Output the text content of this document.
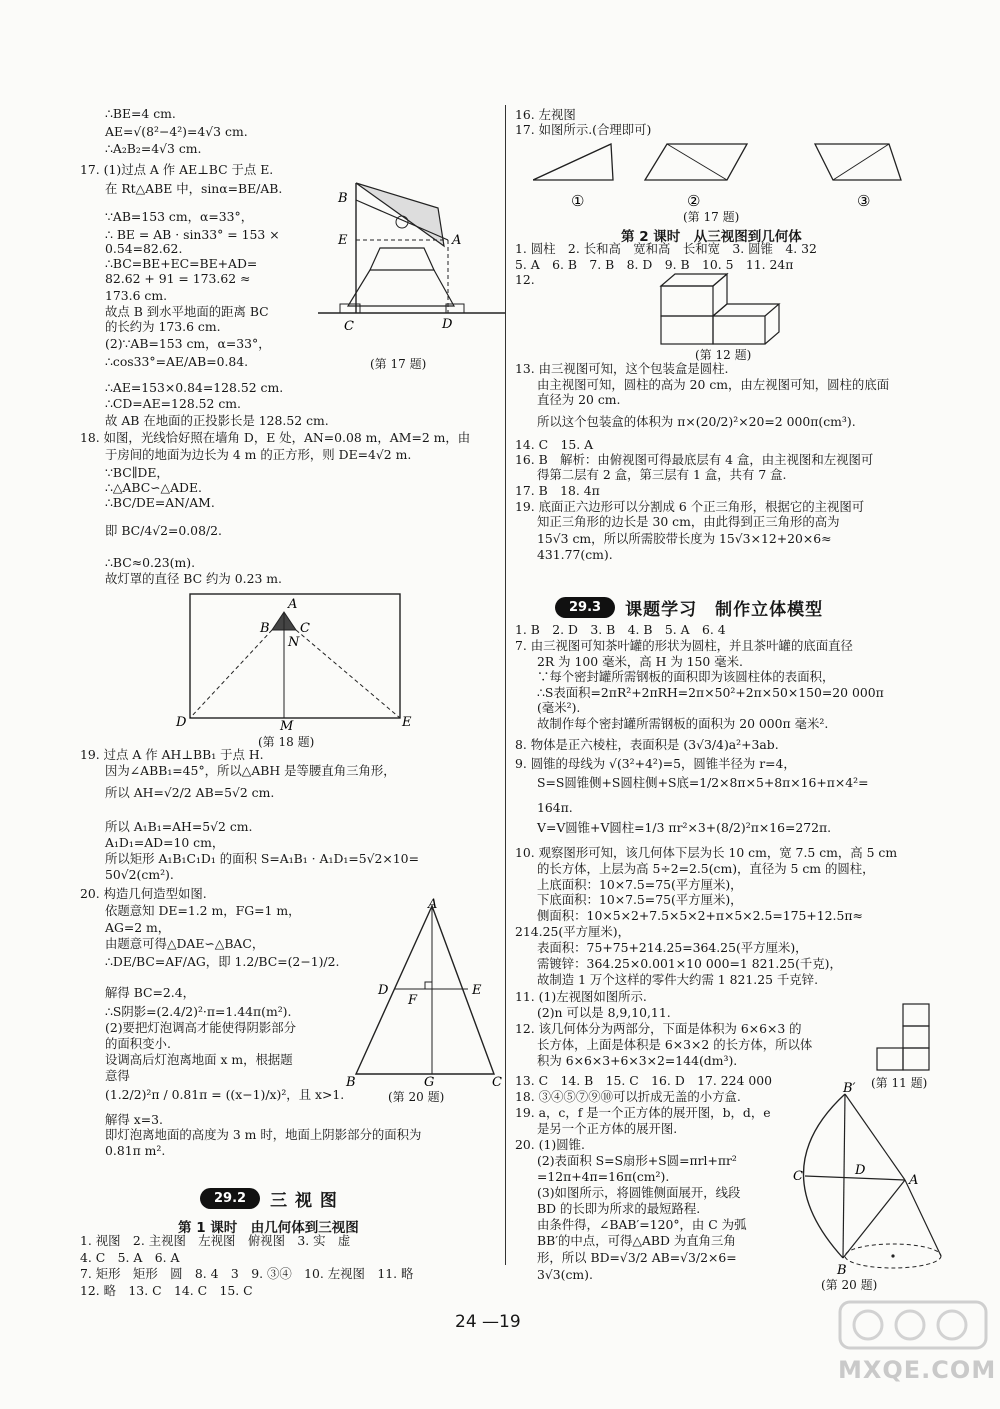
∴BE=4 cm.
AE=√(8²−4²)=4√3 cm.
∴A₂B₂=4√3 cm.
17. (1)过点 A 作 AE⊥BC 于点 E.
在 Rt△ABE 中，sinα=BE/AB.
∵AB=153 cm，α=33°，
∴ BE = AB · sin33° = 153 ×
0.54=82.62.
∴BC=BE+EC=BE+AD=
82.62 + 91 = 173.62 ≈
173.6 cm.
故点 B 到水平地面的距离 BC
的长约为 173.6 cm.
(2)∵AB=153 cm，α=33°，
∴cos33°=AE/AB=0.84.
∴AE=153×0.84=128.52 cm.
∴CD=AE=128.52 cm.
故 AB 在地面的正投影长是 128.52 cm.
18. 如图，光线恰好照在墙角 D，E 处，AN=0.08 m，AM=2 m，由
于房间的地面为边长为 4 m 的正方形，则 DE=4√2 m.
∵BC∥DE，
∴△ABC∽△ADE.
∴BC/DE=AN/AM.
即 BC/4√2=0.08/2.
∴BC≈0.23(m).
故灯罩的直径 BC 约为 0.23 m.
19. 过点 A 作 AH⊥BB₁ 于点 H.
因为∠ABB₁=45°，所以△ABH 是等腰直角三角形，
所以 AH=√2/2 AB=5√2 cm.
所以 A₁B₁=AH=5√2 cm.
A₁D₁=AD=10 cm，
所以矩形 A₁B₁C₁D₁ 的面积 S=A₁B₁ · A₁D₁=5√2×10=
50√2(cm²).
20. 构造几何造型如图.
依题意知 DE=1.2 m，FG=1 m，
AG=2 m，
由题意可得△DAE∽△BAC，
∴DE/BC=AF/AG，即 1.2/BC=(2−1)/2.
解得 BC=2.4，
∴S阴影=(2.4/2)²·π=1.44π(m²).
(2)要把灯泡调高才能使得阴影部分
的面积变小.
设调高后灯泡离地面 x m，根据题
意得
(1.2/2)²π / 0.81π = ((x−1)/x)²，且 x>1.
解得 x=3.
即灯泡离地面的高度为 3 m 时，地面上阴影部分的面积为
0.81π m².
B
E	A
C	D
(第 17 题)
A
B C
N
D	M	E
(第 18 题)
A
D
F
E
B	G	C
(第 20 题)
29.2	三 视 图
第 1 课时　由几何体到三视图
1. 视图　2. 主视图　左视图　俯视图　3. 实　虚
4. C　5. A　6. A
7. 矩形　矩形　圆　8. 4　3　9. ③④　10. 左视图　11. 略
12. 略　13. C　14. C　15. C
16. 左视图
17. 如图所示.(合理即可)
①	②	③
(第 17 题)
第 2 课时　从三视图到几何体
1. 圆柱　2. 长和高　宽和高　长和宽　3. 圆锥　4. 32
5. A　6. B　7. B　8. D　9. B　10. 5　11. 24π
12.
(第 12 题)
13. 由三视图可知，这个包装盒是圆柱.
由主视图可知，圆柱的高为 20 cm，由左视图可知，圆柱的底面
直径为 20 cm.
所以这个包装盒的体积为 π×(20/2)²×20=2 000π(cm³).
14. C　15. A
16. B　解析：由俯视图可得最底层有 4 盒，由主视图和左视图可
得第二层有 2 盒，第三层有 1 盒，共有 7 盒.
17. B　18. 4π
19. 底面正六边形可以分割成 6 个正三角形，根据它的主视图可
知正三角形的边长是 30 cm，由此得到正三角形的高为
15√3 cm，所以所需胶带长度为 15√3×12+20×6≈
431.77(cm).
29.3	课题学习　制作立体模型
1. B　2. D　3. B　4. B　5. A　6. 4
7. 由三视图可知茶叶罐的形状为圆柱，并且茶叶罐的底面直径
2R 为 100 毫米，高 H 为 150 毫米.
∵每个密封罐所需钢板的面积即为该圆柱体的表面积，
∴S表面积=2πR²+2πRH=2π×50²+2π×50×150=20 000π
(毫米²).
故制作每个密封罐所需钢板的面积为 20 000π 毫米².
8. 物体是正六棱柱，表面积是 (3√3/4)a²+3ab.
9. 圆锥的母线为 √(3²+4²)=5，圆锥半径为 r=4，
S=S圆锥侧+S圆柱侧+S底=1/2×8π×5+8π×16+π×4²=
164π.
V=V圆锥+V圆柱=1/3 πr²×3+(8/2)²π×16=272π.
10. 观察图形可知，该几何体下层为长 10 cm，宽 7.5 cm，高 5 cm
的长方体，上层为高 5÷2=2.5(cm)，直径为 5 cm 的圆柱，
上底面积：10×7.5=75(平方厘米)，
下底面积：10×7.5=75(平方厘米)，
侧面积：10×5×2+7.5×5×2+π×5×2.5=175+12.5π≈
214.25(平方厘米)，
表面积：75+75+214.25=364.25(平方厘米)，
需镀锌：364.25×0.001×10 000=1 821.25(千克)，
故制造 1 万个这样的零件大约需 1 821.25 千克锌.
11. (1)左视图如图所示.
(2)n 可以是 8,9,10,11.
12. 该几何体分为两部分，下面是体积为 6×6×3 的
长方体，上面是体积是 6×3×2 的长方体，所以体
积为 6×6×3+6×3×2=144(dm³).
13. C　14. B　15. C　16. D　17. 224 000
18. ③④⑤⑦⑨⑩可以折成无盖的小方盒.
19. a，c，f 是一个正方体的展开图，b，d，e
是另一个正方体的展开图.
20. (1)圆锥.
(2)表面积 S=S扇形+S圆=πrl+πr²
=12π+4π=16π(cm²).
(3)如图所示，将圆锥侧面展开，线段
BD 的长即为所求的最短路程.
由条件得，∠BAB′=120°，由 C 为弧
BB′的中点，可得△ABD 为直角三角
形，所以 BD=√3/2 AB=√3/2×6=
3√3(cm).
(第 11 题)
B′
C	D
A
B
(第 20 题)
24 —19
MXQE.COM
